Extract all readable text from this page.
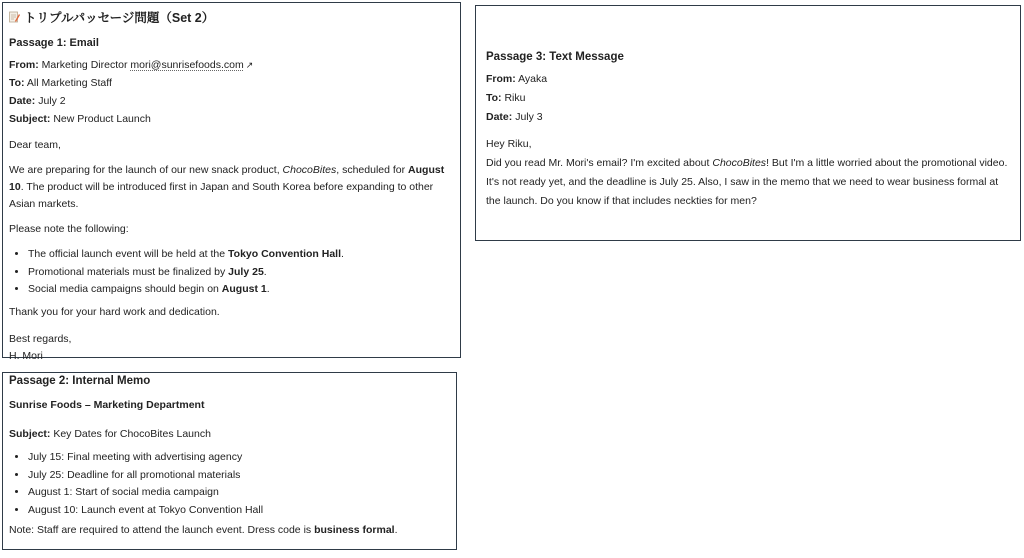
トリプルパッセージ問題（Set 2）
Passage 1: Email
From: Marketing Director mori@sunrisefoods.com ↗
To: All Marketing Staff
Date: July 2
Subject: New Product Launch
Dear team,
We are preparing for the launch of our new snack product, ChocoBites, scheduled for August 10. The product will be introduced first in Japan and South Korea before expanding to other Asian markets.
Please note the following:
• The official launch event will be held at the Tokyo Convention Hall.
• Promotional materials must be finalized by July 25.
• Social media campaigns should begin on August 1.
Thank you for your hard work and dedication.
Best regards,
H. Mori
Passage 2: Internal Memo
Sunrise Foods – Marketing Department
Subject: Key Dates for ChocoBites Launch
• July 15: Final meeting with advertising agency
• July 25: Deadline for all promotional materials
• August 1: Start of social media campaign
• August 10: Launch event at Tokyo Convention Hall
Note: Staff are required to attend the launch event. Dress code is business formal.
Passage 3: Text Message
From: Ayaka
To: Riku
Date: July 3
Hey Riku,
Did you read Mr. Mori's email? I'm excited about ChocoBites! But I'm a little worried about the promotional video. It's not ready yet, and the deadline is July 25. Also, I saw in the memo that we need to wear business formal at the launch. Do you know if that includes neckties for men?
